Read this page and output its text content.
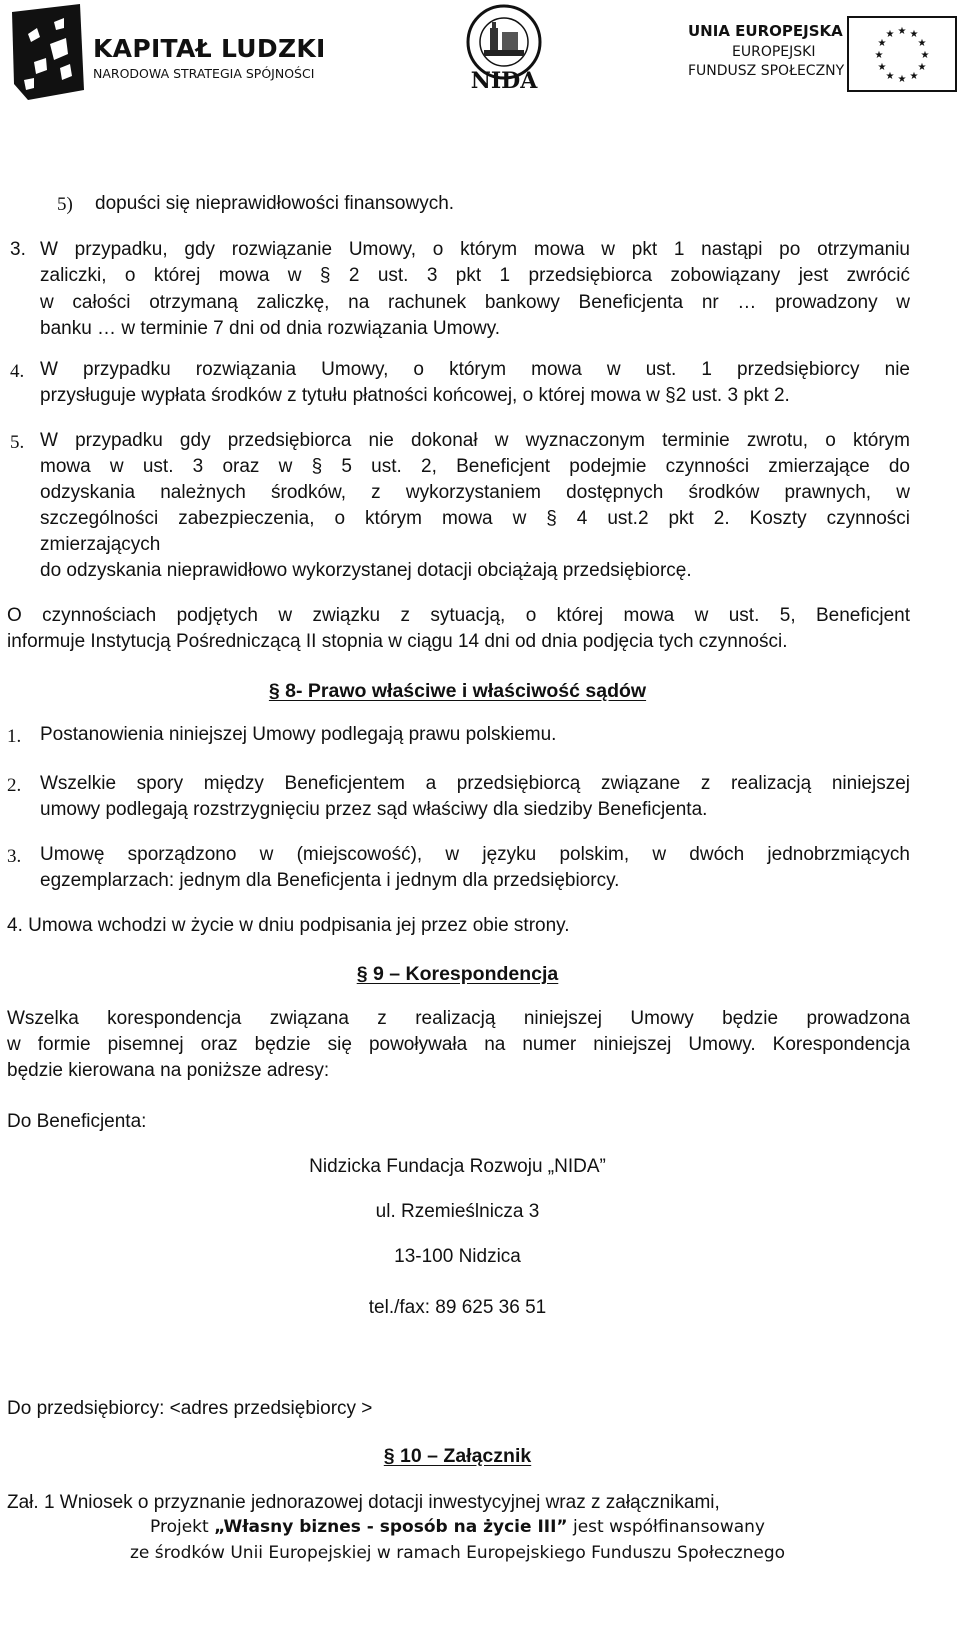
KAPITAŁ LUDZKI
NARODOWA STRATEGIA SPÓJNOŚCI	NIDA
UNIA EUROPEJSKA
EUROPEJSKI
FUNDUSZ SPOŁECZNY
★ ★
★
★
★
★
★
★
★
★
★
★
5) dopuści się nieprawidłowości finansowych.
3. W przypadku, gdy rozwiązanie Umowy, o którym mowa w pkt 1 nastąpi po otrzymaniu
zaliczki, o której mowa w § 2 ust. 3 pkt 1 przedsiębiorca zobowiązany jest zwrócić
w całości otrzymaną zaliczkę, na rachunek bankowy Beneficjenta nr … prowadzony w
banku … w terminie 7 dni od dnia rozwiązania Umowy.
4. W przypadku rozwiązania Umowy, o którym mowa w ust. 1 przedsiębiorcy nie
przysługuje wypłata środków z tytułu płatności końcowej, o której mowa w §2 ust. 3 pkt 2.
5. W przypadku gdy przedsiębiorca nie dokonał w wyznaczonym terminie zwrotu, o którym
mowa w ust. 3 oraz w § 5 ust. 2, Beneficjent podejmie czynności zmierzające do
odzyskania należnych środków, z wykorzystaniem dostępnych środków prawnych, w
szczególności zabezpieczenia, o którym mowa w § 4 ust.2 pkt 2. Koszty czynności
zmierzających
do odzyskania nieprawidłowo wykorzystanej dotacji obciążają przedsiębiorcę.
O czynnościach podjętych w związku z sytuacją, o której mowa w ust. 5, Beneficjent
informuje Instytucją Pośredniczącą II stopnia w ciągu 14 dni od dnia podjęcia tych czynności.
§ 8- Prawo właściwe i właściwość sądów
1. Postanowienia niniejszej Umowy podlegają prawu polskiemu.
2. Wszelkie spory między Beneficjentem a przedsiębiorcą związane z realizacją niniejszej
umowy podlegają rozstrzygnięciu przez sąd właściwy dla siedziby Beneficjenta.
3. Umowę sporządzono w (miejscowość), w języku polskim, w dwóch jednobrzmiących
egzemplarzach: jednym dla Beneficjenta i jednym dla przedsiębiorcy.
4. Umowa wchodzi w życie w dniu podpisania jej przez obie strony.
§ 9 – Korespondencja
Wszelka korespondencja związana z realizacją niniejszej Umowy będzie prowadzona
w formie pisemnej oraz będzie się powoływała na numer niniejszej Umowy. Korespondencja
będzie kierowana na poniższe adresy:
Do Beneficjenta:
Nidzicka Fundacja Rozwoju „NIDA”
ul. Rzemieślnicza 3
13-100 Nidzica
tel./fax: 89 625 36 51
Do przedsiębiorcy: <adres przedsiębiorcy >
§ 10 – Załącznik
Zał. 1 Wniosek o przyznanie jednorazowej dotacji inwestycyjnej wraz z załącznikami,
Projekt „Własny biznes - sposób na życie III” jest współfinansowany
ze środków Unii Europejskiej w ramach Europejskiego Funduszu Społecznego
